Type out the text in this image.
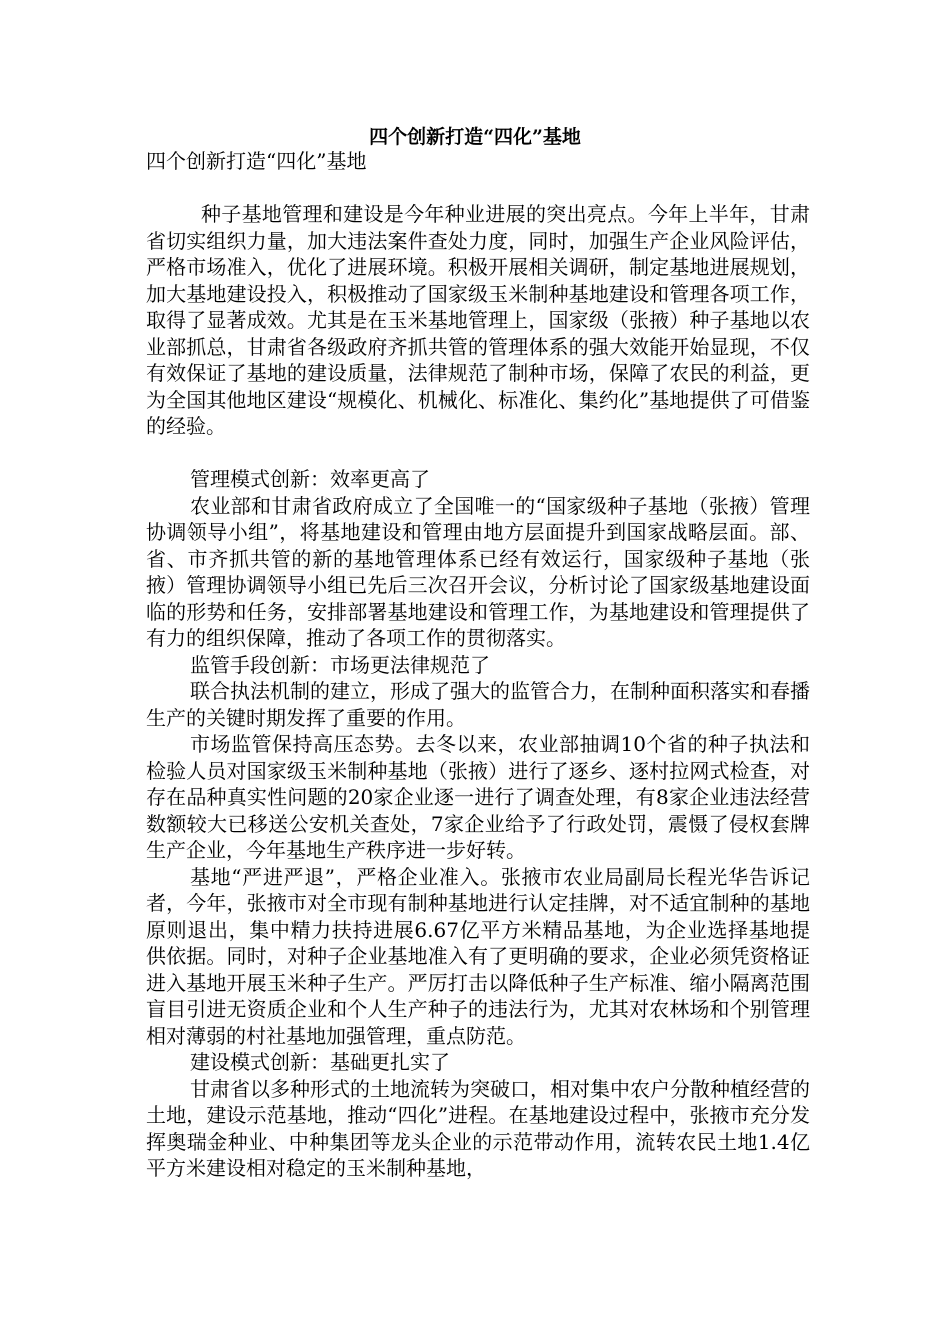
四个创新打造“四化”基地

四个创新打造“四化”基地

种子基地管理和建设是今年种业进展的突出亮点。今年上半年，甘肃省切实组织力量，加大违法案件查处力度，同时，加强生产企业风险评估，严格市场准入，优化了进展环境。积极开展相关调研，制定基地进展规划，加大基地建设投入，积极推动了国家级玉米制种基地建设和管理各项工作，取得了显著成效。尤其是在玉米基地管理上，国家级（张掖）种子基地以农业部抓总，甘肃省各级政府齐抓共管的管理体系的强大效能开始显现，不仅有效保证了基地的建设质量，法律规范了制种市场，保障了农民的利益，更为全国其他地区建设“规模化、机械化、标准化、集约化”基地提供了可借鉴的经验。

管理模式创新：效率更高了

农业部和甘肃省政府成立了全国唯一的“国家级种子基地（张掖）管理协调领导小组”，将基地建设和管理由地方层面提升到国家战略层面。部、省、市齐抓共管的新的基地管理体系已经有效运行，国家级种子基地（张掖）管理协调领导小组已先后三次召开会议，分析讨论了国家级基地建设面临的形势和任务，安排部署基地建设和管理工作，为基地建设和管理提供了有力的组织保障，推动了各项工作的贯彻落实。

监管手段创新：市场更法律规范了

联合执法机制的建立，形成了强大的监管合力，在制种面积落实和春播生产的关键时期发挥了重要的作用。

市场监管保持高压态势。去冬以来，农业部抽调10个省的种子执法和检验人员对国家级玉米制种基地（张掖）进行了逐乡、逐村拉网式检查，对存在品种真实性问题的20家企业逐一进行了调查处理，有8家企业违法经营数额较大已移送公安机关查处，7家企业给予了行政处罚，震慑了侵权套牌生产企业，今年基地生产秩序进一步好转。

基地“严进严退”，严格企业准入。张掖市农业局副局长程光华告诉记者，今年，张掖市对全市现有制种基地进行认定挂牌，对不适宜制种的基地原则退出，集中精力扶持进展6.67亿平方米精品基地，为企业选择基地提供依据。同时，对种子企业基地准入有了更明确的要求，企业必须凭资格证进入基地开展玉米种子生产。严厉打击以降低种子生产标准、缩小隔离范围盲目引进无资质企业和个人生产种子的违法行为，尤其对农林场和个别管理相对薄弱的村社基地加强管理，重点防范。

建设模式创新：基础更扎实了

甘肃省以多种形式的土地流转为突破口，相对集中农户分散种植经营的土地，建设示范基地，推动“四化”进程。在基地建设过程中，张掖市充分发挥奥瑞金种业、中种集团等龙头企业的示范带动作用，流转农民土地1.4亿平方米建设相对稳定的玉米制种基地，
